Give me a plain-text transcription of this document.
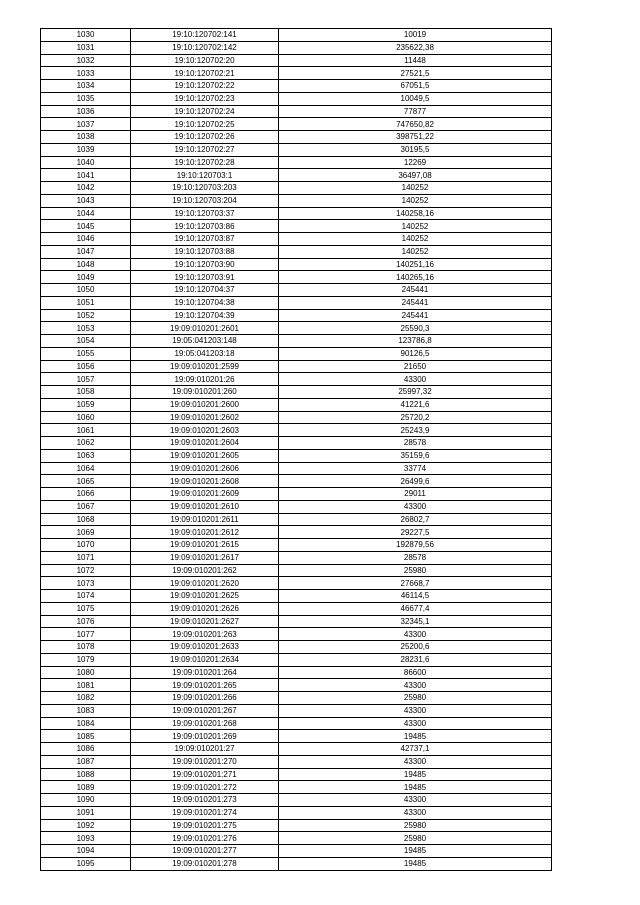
1030	19:10:120702:141	10019
1031	19:10:120702:142	235622,38
1032	19:10:120702:20	11448
1033	19:10:120702:21	27521,5
1034	19:10:120702:22	67051,5
1035	19:10:120702:23	10049,5
1036	19:10:120702:24	77877
1037	19:10:120702:25	747650,82
1038	19:10:120702:26	398751,22
1039	19:10:120702:27	30195,5
1040	19:10:120702:28	12269
1041	19:10:120703:1	36497,08
1042	19:10:120703:203	140252
1043	19:10:120703:204	140252
1044	19:10:120703:37	140258,16
1045	19:10:120703:86	140252
1046	19:10:120703:87	140252
1047	19:10:120703:88	140252
1048	19:10:120703:90	140251,16
1049	19:10:120703:91	140265,16
1050	19:10:120704:37	245441
1051	19:10:120704:38	245441
1052	19:10:120704:39	245441
1053	19:09:010201:2601	25590,3
1054	19:05:041203:148	123786,8
1055	19:05:041203:18	90126,5
1056	19:09:010201:2599	21650
1057	19:09:010201:26	43300
1058	19:09:010201:260	25997,32
1059	19:09:010201:2600	41221,6
1060	19:09:010201:2602	25720,2
1061	19:09:010201:2603	25243,9
1062	19:09:010201:2604	28578
1063	19:09:010201:2605	35159,6
1064	19:09:010201:2606	33774
1065	19:09:010201:2608	26499,6
1066	19:09:010201:2609	29011
1067	19:09:010201:2610	43300
1068	19:09:010201:2611	26802,7
1069	19:09:010201:2612	29227,5
1070	19:09:010201:2615	192879,56
1071	19:09:010201:2617	28578
1072	19:09:010201:262	25980
1073	19:09:010201:2620	27668,7
1074	19:09:010201:2625	46114,5
1075	19:09:010201:2626	46677,4
1076	19:09:010201:2627	32345,1
1077	19:09:010201:263	43300
1078	19:09:010201:2633	25200,6
1079	19:09:010201:2634	28231,6
1080	19:09:010201:264	86600
1081	19:09:010201:265	43300
1082	19:09:010201:266	25980
1083	19:09:010201:267	43300
1084	19:09:010201:268	43300
1085	19:09:010201:269	19485
1086	19:09:010201:27	42737,1
1087	19:09:010201:270	43300
1088	19:09:010201:271	19485
1089	19:09:010201:272	19485
1090	19:09:010201:273	43300
1091	19:09:010201:274	43300
1092	19:09:010201:275	25980
1093	19:09:010201:276	25980
1094	19:09:010201:277	19485
1095	19:09:010201:278	19485
